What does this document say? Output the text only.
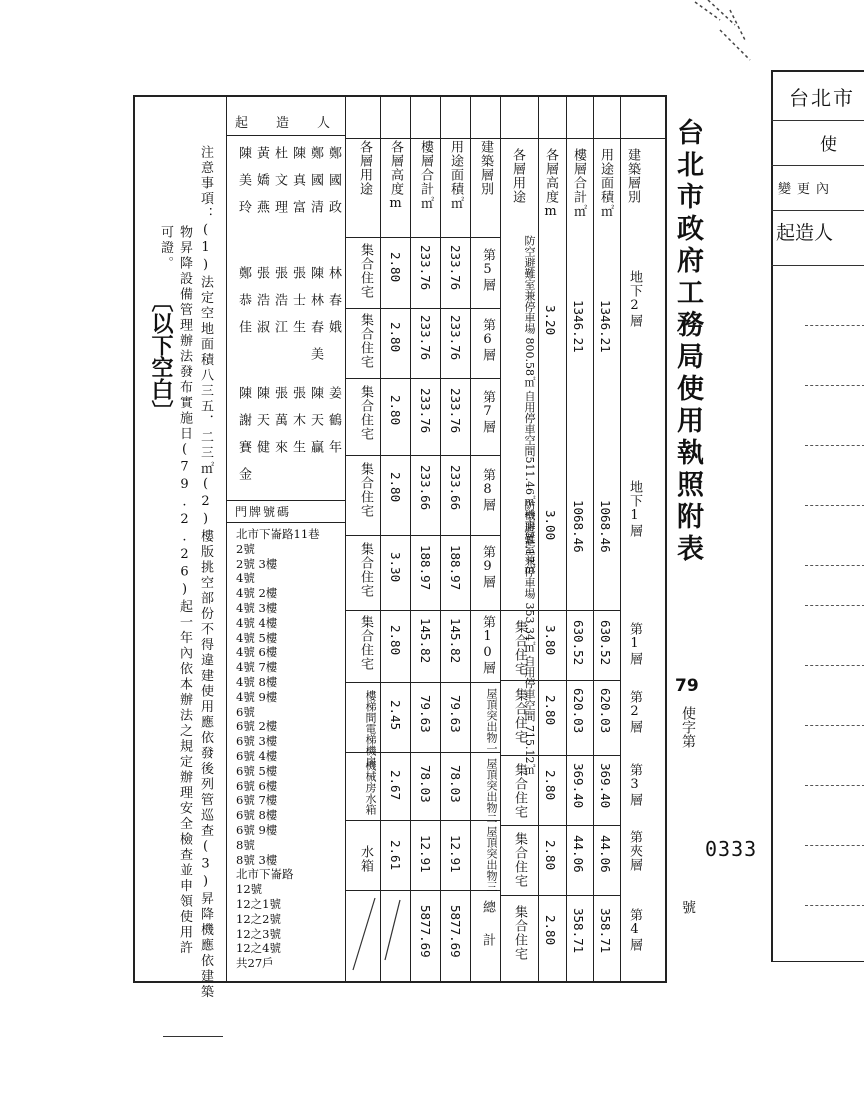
台北市政府工務局使用執照附表
79
使字第
0333
號
建築層別
用途面積㎡
樓層合計㎡
各層高度m
各層用途
地下2層
1346.21
1346.21
3.20
防空避難室兼停車場 800.58㎡ 自用停車空間511.46㎡ 機房34.17㎡	地下1層
1068.46
1068.46
3.00
防空避難室兼停車場 353.34㎡ 自用停車空間 715.12㎡	第1層
630.52
630.52
3.80
集合住宅
第2層
620.03
620.03
2.80
集合住宅
第3層
369.40
369.40
2.80
集合住宅
第夾層
44.06
44.06
2.80
集合住宅
第4層
358.71
358.71
2.80
集合住宅
建築層別
用途面積㎡
樓層合計㎡
各層高度m
各層用途
第5層
233.76
233.76
2.80
集合住宅
第6層
233.76
233.76
2.80
集合住宅
第7層
233.76
233.76
2.80
集合住宅
第8層
233.66
233.66
2.80
集合住宅
第9層
188.97
188.97
3.30
集合住宅
第10層
145.82
145.82
2.80
集合住宅
屋頂突出物一
79.63
79.63
2.45
樓梯間電梯機房
屋頂突出物二
78.03
78.03
2.67
機械房水箱
屋頂突出物三
12.91
12.91
2.61
水箱
總計
5877.69
5877.69
起造人
陳美玲 黃嬌燕 杜文理 陳真富 鄭國清 鄭國政
鄭恭佳 張浩淑 張浩江 張士生 陳林春美 林春娥
陳謝賽金 陳天健 張萬來 張木生 陳天贏 姜鶴年
門牌號碼
北市下崙路11巷
2號
2號 3樓
4號
4號 2樓
4號 3樓
4號 4樓
4號 5樓
4號 6樓
4號 7樓
4號 8樓
4號 9樓
6號
6號 2樓
6號 3樓
6號 4樓
6號 5樓
6號 6樓
6號 7樓
6號 8樓
6號 9樓
8號
8號 3樓
北市下崙路
12號
12之1號
12之2號
12之3號
12之4號
共27戶
注意事項：(1)法定空地面積八三五．二三㎡(2)樓版挑空部份不得違建使用應依發後列管巡查(3)昇降機應依建築
物昇降設備管理辦法發布實施日(79.2.26)起一年內依本辦法之規定辦理安全檢查並申領使用許
可證。
〔以下空白〕
台北市
使
變更內
起造人
